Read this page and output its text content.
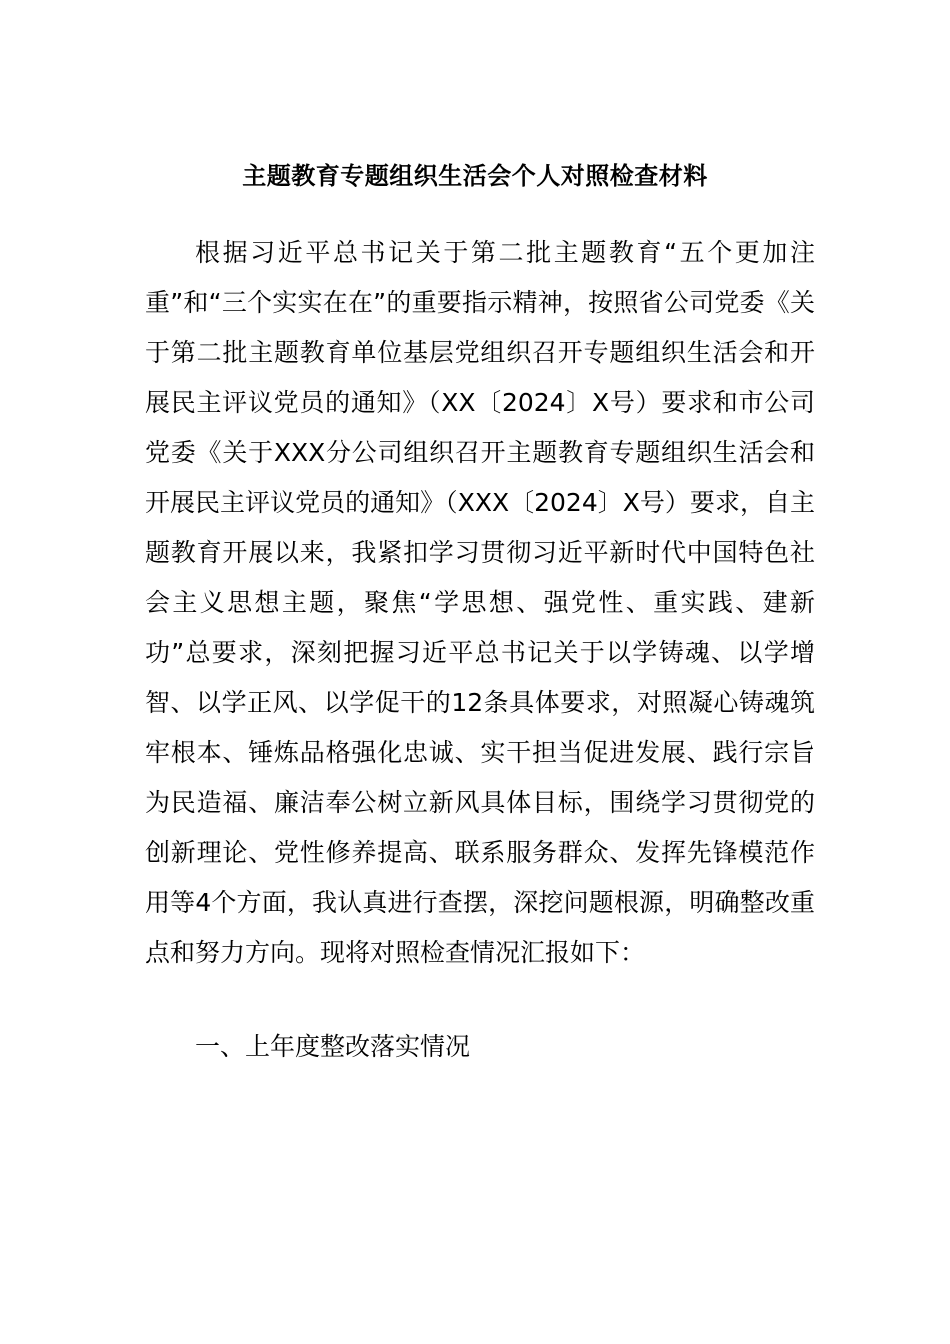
主题教育专题组织生活会个人对照检查材料
根据习近平总书记关于第二批主题教育“五个更加注重”和“三个实实在在”的重要指示精神，按照省公司党委《关于第二批主题教育单位基层党组织召开专题组织生活会和开展民主评议党员的通知》（XX〔2024〕X号）要求和市公司党委《关于XXX分公司组织召开主题教育专题组织生活会和开展民主评议党员的通知》（XXX〔2024〕X号）要求，自主题教育开展以来，我紧扣学习贯彻习近平新时代中国特色社会主义思想主题，聚焦“学思想、强党性、重实践、建新功”总要求，深刻把握习近平总书记关于以学铸魂、以学增智、以学正风、以学促干的12条具体要求，对照凝心铸魂筑牢根本、锤炼品格强化忠诚、实干担当促进发展、践行宗旨为民造福、廉洁奉公树立新风具体目标，围绕学习贯彻党的创新理论、党性修养提高、联系服务群众、发挥先锋模范作用等4个方面，我认真进行查摆，深挖问题根源，明确整改重点和努力方向。现将对照检查情况汇报如下：
一、上年度整改落实情况
